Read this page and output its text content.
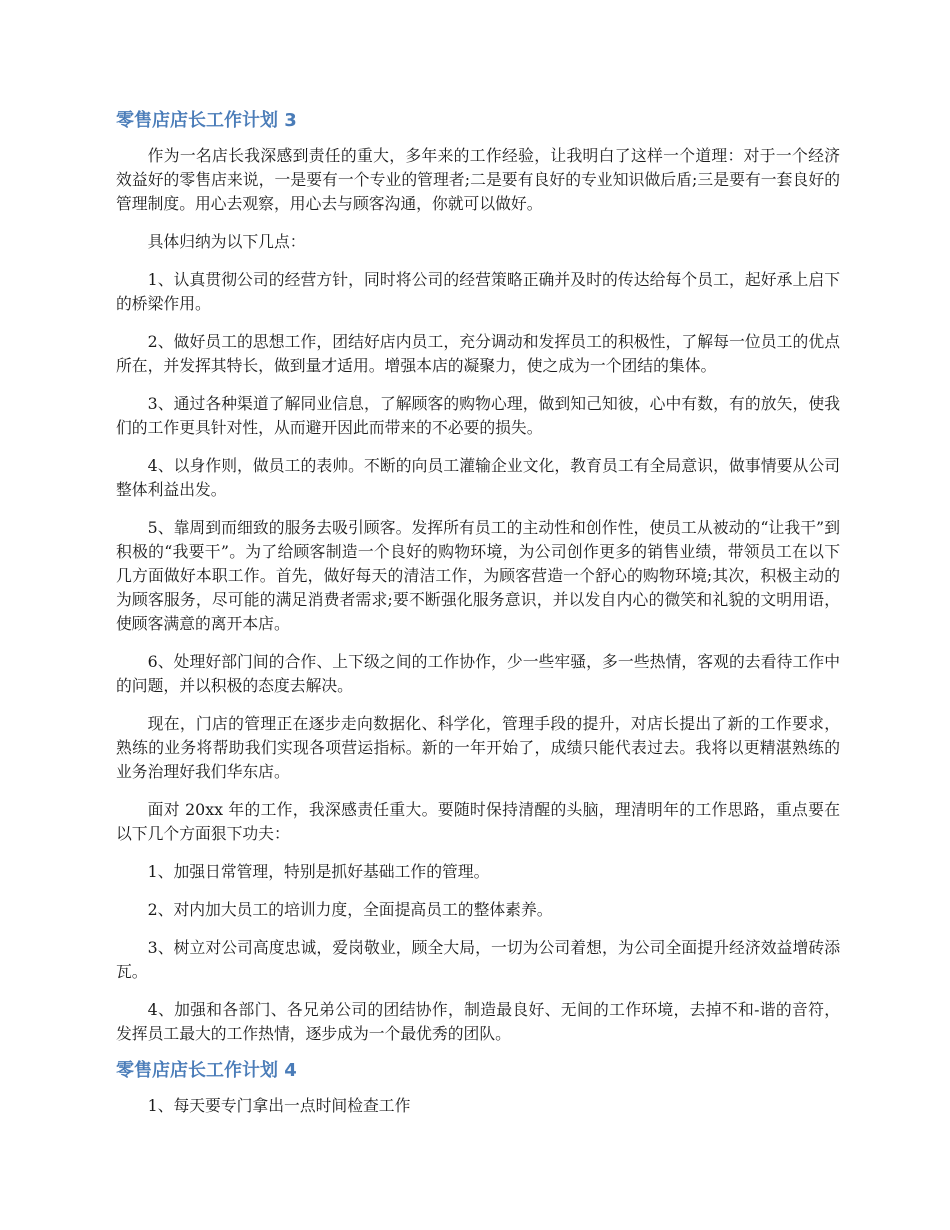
零售店店长工作计划 3

作为一名店长我深感到责任的重大，多年来的工作经验，让我明白了这样一个道理：对于一个经济效益好的零售店来说，一是要有一个专业的管理者;二是要有良好的专业知识做后盾;三是要有一套良好的管理制度。用心去观察，用心去与顾客沟通，你就可以做好。

具体归纳为以下几点：

1、认真贯彻公司的经营方针，同时将公司的经营策略正确并及时的传达给每个员工，起好承上启下的桥梁作用。

2、做好员工的思想工作，团结好店内员工，充分调动和发挥员工的积极性，了解每一位员工的优点所在，并发挥其特长，做到量才适用。增强本店的凝聚力，使之成为一个团结的集体。

3、通过各种渠道了解同业信息，了解顾客的购物心理，做到知己知彼，心中有数，有的放矢，使我们的工作更具针对性，从而避开因此而带来的不必要的损失。

4、以身作则，做员工的表帅。不断的向员工灌输企业文化，教育员工有全局意识，做事情要从公司整体利益出发。

5、靠周到而细致的服务去吸引顾客。发挥所有员工的主动性和创作性，使员工从被动的“让我干”到积极的“我要干”。为了给顾客制造一个良好的购物环境，为公司创作更多的销售业绩，带领员工在以下几方面做好本职工作。首先，做好每天的清洁工作，为顾客营造一个舒心的购物环境;其次，积极主动的为顾客服务，尽可能的满足消费者需求;要不断强化服务意识，并以发自内心的微笑和礼貌的文明用语，使顾客满意的离开本店。

6、处理好部门间的合作、上下级之间的工作协作，少一些牢骚，多一些热情，客观的去看待工作中的问题，并以积极的态度去解决。

现在，门店的管理正在逐步走向数据化、科学化，管理手段的提升，对店长提出了新的工作要求，熟练的业务将帮助我们实现各项营运指标。新的一年开始了，成绩只能代表过去。我将以更精湛熟练的业务治理好我们华东店。

面对 20xx 年的工作，我深感责任重大。要随时保持清醒的头脑，理清明年的工作思路，重点要在以下几个方面狠下功夫：

1、加强日常管理，特别是抓好基础工作的管理。

2、对内加大员工的培训力度，全面提高员工的整体素养。

3、树立对公司高度忠诚，爱岗敬业，顾全大局，一切为公司着想，为公司全面提升经济效益增砖添瓦。

4、加强和各部门、各兄弟公司的团结协作，制造最良好、无间的工作环境，去掉不和-谐的音符，发挥员工最大的工作热情，逐步成为一个最优秀的团队。

零售店店长工作计划 4

1、每天要专门拿出一点时间检查工作
